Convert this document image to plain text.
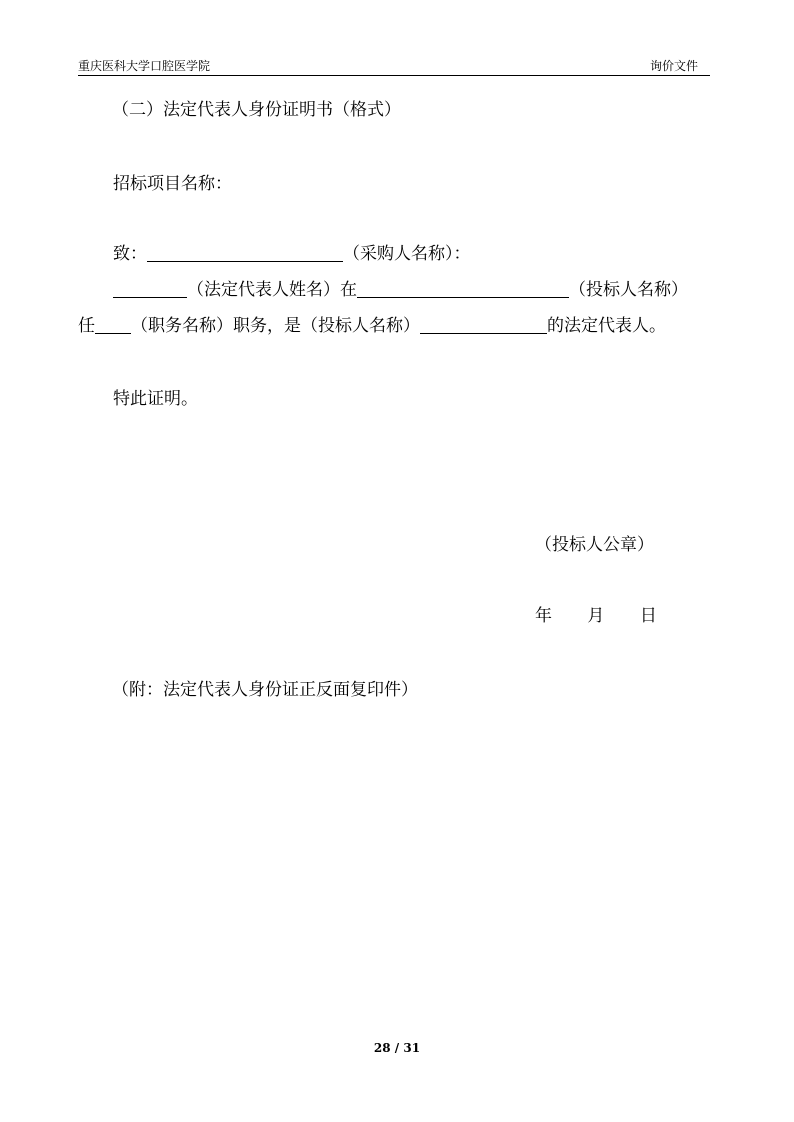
重庆医科大学口腔医学院	询价文件
（二）法定代表人身份证明书（格式）
招标项目名称：
致：	（采购人名称）：
（法定代表人姓名）在	（投标人名称）
任 （职务名称）职务，是（投标人名称）	的法定代表人。
特此证明。
（投标人公章）
年 月 日
（附：法定代表人身份证正反面复印件）
28 / 31
